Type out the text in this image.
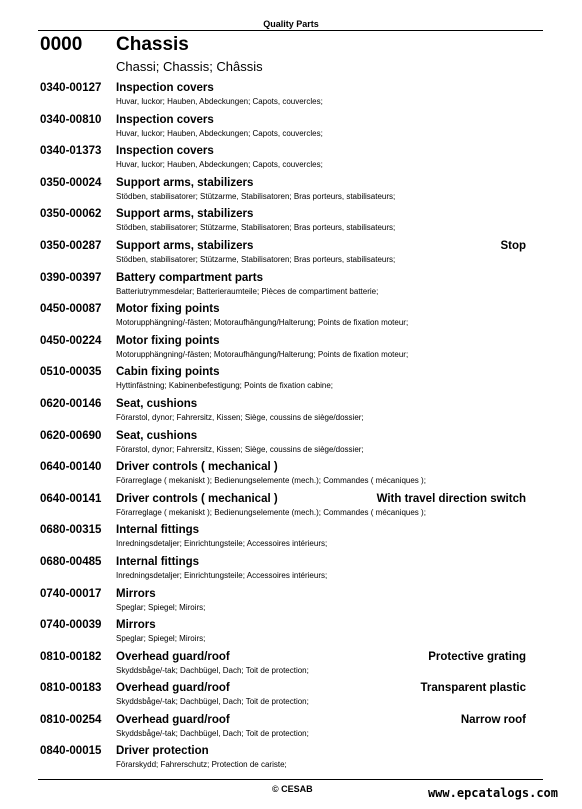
Quality Parts
0000 Chassis
Chassi; Chassis; Châssis
0340-00127 Inspection covers
Huvar, luckor; Hauben, Abdeckungen; Capots, couvercles;
0340-00810 Inspection covers
Huvar, luckor; Hauben, Abdeckungen; Capots, couvercles;
0340-01373 Inspection covers
Huvar, luckor; Hauben, Abdeckungen; Capots, couvercles;
0350-00024 Support arms, stabilizers
Stödben, stabilisatorer; Stützarme, Stabilisatoren; Bras porteurs, stabilisateurs;
0350-00062 Support arms, stabilizers
Stödben, stabilisatorer; Stützarme, Stabilisatoren; Bras porteurs, stabilisateurs;
0350-00287 Support arms, stabilizers	Stop
Stödben, stabilisatorer; Stützarme, Stabilisatoren; Bras porteurs, stabilisateurs;
0390-00397 Battery compartment parts
Batteriutrymmesdelar; Batterieraumteile; Pièces de compartiment batterie;
0450-00087 Motor fixing points
Motorupphängning/-fästen; Motoraufhängung/Halterung; Points de fixation moteur;
0450-00224 Motor fixing points
Motorupphängning/-fästen; Motoraufhängung/Halterung; Points de fixation moteur;
0510-00035 Cabin fixing points
Hyttinfästning; Kabinenbefestigung; Points de fixation cabine;
0620-00146 Seat, cushions
Förarstol, dynor; Fahrersitz, Kissen; Siège, coussins de siège/dossier;
0620-00690 Seat, cushions
Förarstol, dynor; Fahrersitz, Kissen; Siège, coussins de siège/dossier;
0640-00140 Driver controls ( mechanical )
Förarreglage ( mekaniskt ); Bedienungselemente (mech.); Commandes ( mécaniques );
0640-00141 Driver controls ( mechanical )	With travel direction switch
Förarreglage ( mekaniskt ); Bedienungselemente (mech.); Commandes ( mécaniques );
0680-00315 Internal fittings
Inredningsdetaljer; Einrichtungsteile; Accessoires intérieurs;
0680-00485 Internal fittings
Inredningsdetaljer; Einrichtungsteile; Accessoires intérieurs;
0740-00017 Mirrors
Speglar; Spiegel; Miroirs;
0740-00039 Mirrors
Speglar; Spiegel; Miroirs;
0810-00182 Overhead guard/roof	Protective grating
Skyddsbåge/-tak; Dachbügel, Dach; Toit de protection;
0810-00183 Overhead guard/roof	Transparent plastic
Skyddsbåge/-tak; Dachbügel, Dach; Toit de protection;
0810-00254 Overhead guard/roof	Narrow roof
Skyddsbåge/-tak; Dachbügel, Dach; Toit de protection;
0840-00015 Driver protection
Förarskydd; Fahrerschutz; Protection de cariste;
© CESAB	www.epcatalogs.com
